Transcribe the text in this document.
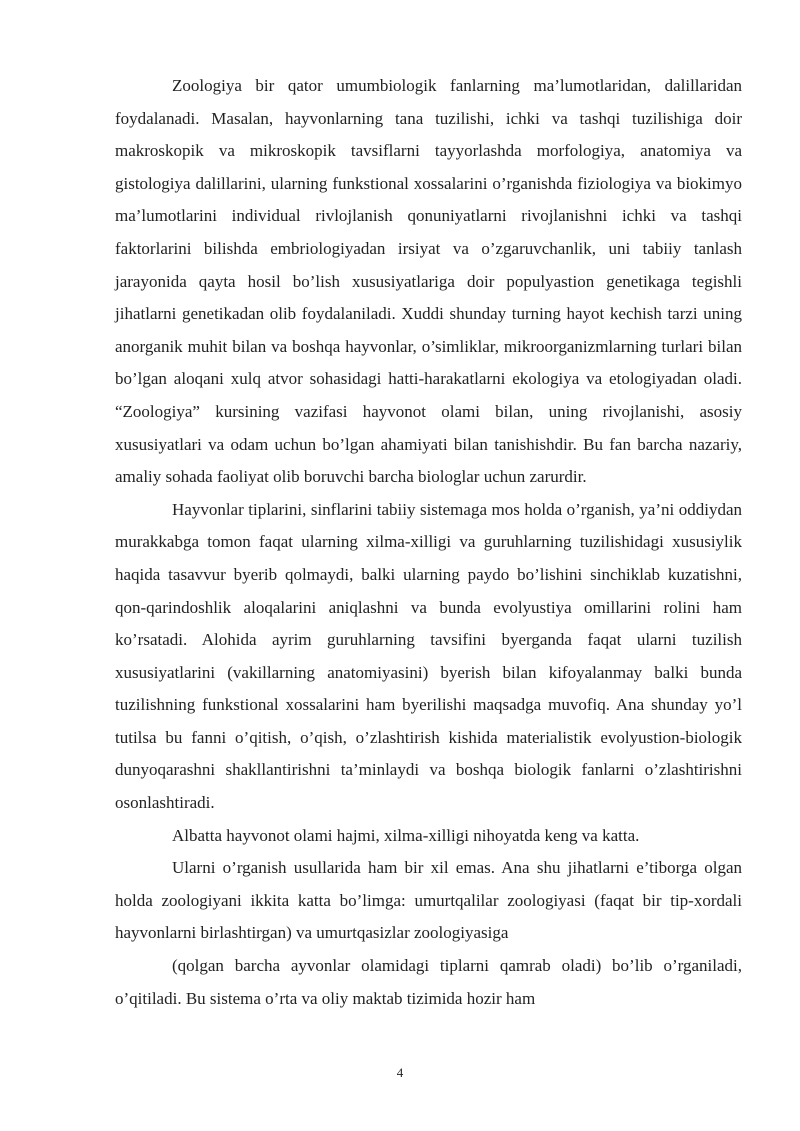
Zoologiya bir qator umumbiologik fanlarning ma’lumotlaridan, dalillaridan foydalanadi. Masalan, hayvonlarning tana tuzilishi, ichki va tashqi tuzilishiga doir makroskopik va mikroskopik tavsiflarni tayyorlashda morfologiya, anatomiya va gistologiya dalillarini, ularning funkstional xossalarini o’rganishda fiziologiya va biokimyo ma’lumotlarini individual rivlojlanish qonuniyatlarni rivojlanishni ichki va tashqi faktorlarini bilishda embriologiyadan irsiyat va o’zgaruvchanlik, uni tabiiy tanlash jarayonida qayta hosil bo’lish xususiyatlariga doir populyastion genetikaga tegishli jihatlarni genetikadan olib foydalaniladi. Xuddi shunday turning hayot kechish tarzi uning anorganik muhit bilan va boshqa hayvonlar, o’simliklar, mikroorganizmlarning turlari bilan bo’lgan aloqani xulq atvor sohasidagi hatti-harakatlarni ekologiya va etologiyadan oladi. “Zoologiya” kursining vazifasi hayvonot olami bilan, uning rivojlanishi, asosiy xususiyatlari va odam uchun bo’lgan ahamiyati bilan tanishishdir. Bu fan barcha nazariy, amaliy sohada faoliyat olib boruvchi barcha biologlar uchun zarurdir.

Hayvonlar tiplarini, sinflarini tabiiy sistemaga mos holda o’rganish, ya’ni oddiydan murakkabga tomon faqat ularning xilma-xilligi va guruhlarning tuzilishidagi xususiylik haqida tasavvur byerib qolmaydi, balki ularning paydo bo’lishini sinchiklab kuzatishni, qon-qarindoshlik aloqalarini aniqlashni va bunda evolyustiya omillarini rolini ham ko’rsatadi. Alohida ayrim guruhlarning tavsifini byerganda faqat ularni tuzilish xususiyatlarini (vakillarning anatomiyasini) byerish bilan kifoyalanmay balki bunda tuzilishning funkstional xossalarini ham byerilishi maqsadga muvofiq. Ana shunday yo’l tutilsa bu fanni o’qitish, o’qish, o’zlashtirish kishida materialistik evolyustion-biologik dunyoqarashni shakllantirishni ta’minlaydi va boshqa biologik fanlarni o’zlashtirishni osonlashtiradi.

Albatta hayvonot olami hajmi, xilma-xilligi nihoyatda keng va katta.

Ularni o’rganish usullarida ham bir xil emas. Ana shu jihatlarni e’tiborga olgan holda zoologiyani ikkita katta bo’limga: umurtqalilar zoologiyasi (faqat bir tip-xordali hayvonlarni birlashtirgan) va umurtqasizlar zoologiyasiga

(qolgan barcha ayvonlar olamidagi tiplarni qamrab oladi) bo’lib o’rganiladi, o’qitiladi. Bu sistema o’rta va oliy maktab tizimida hozir ham

4
